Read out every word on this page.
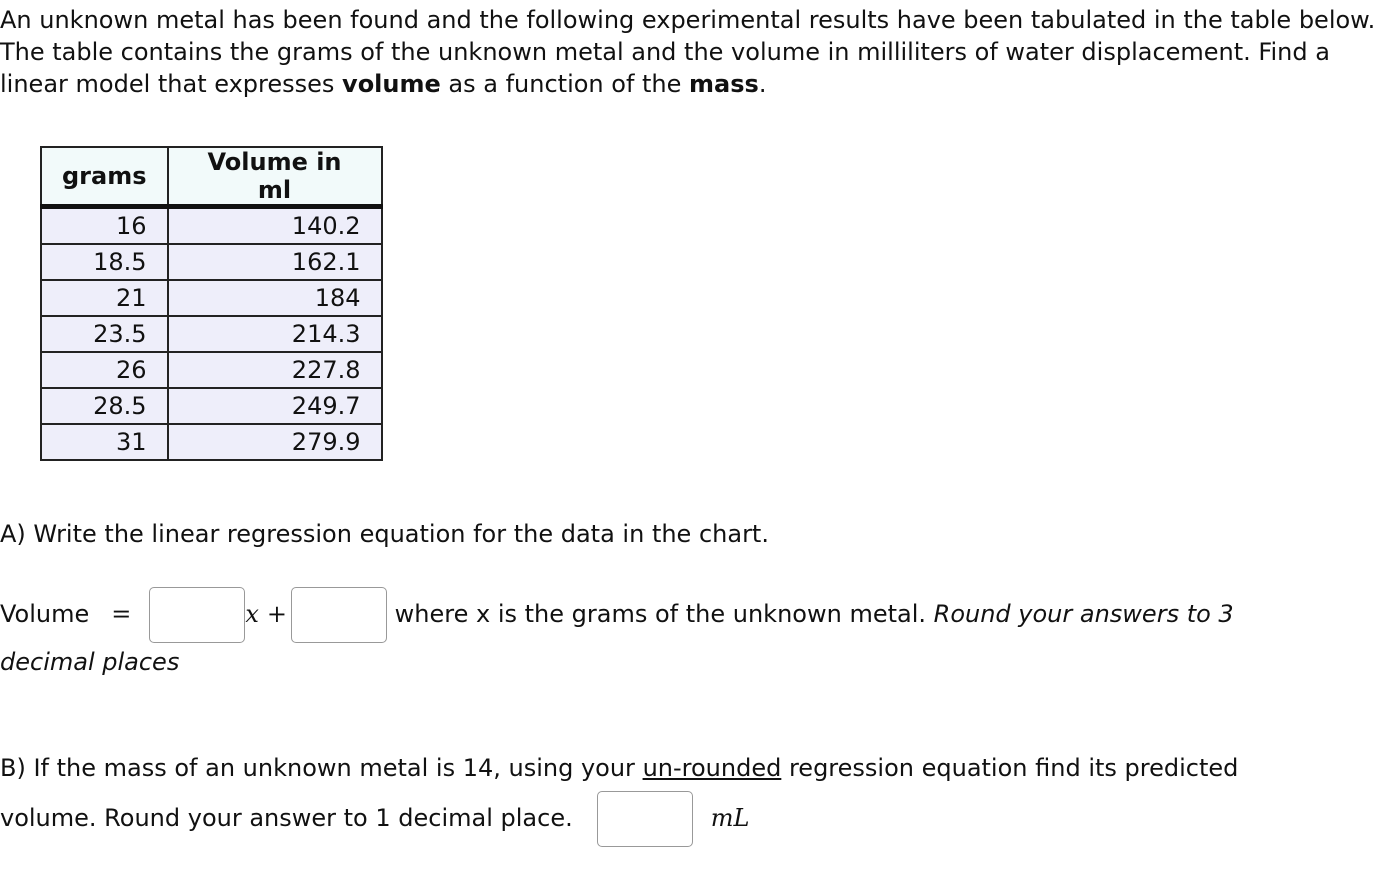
An unknown metal has been found and the following experimental results have been tabulated in the table below. The table contains the grams of the unknown metal and the volume in milliliters of water displacement. Find a linear model that expresses volume as a function of the mass.

grams	Volume in ml
16	140.2
18.5	162.1
21	184
23.5	214.3
26	227.8
28.5	249.7
31	279.9

A) Write the linear regression equation for the data in the chart.

Volume =	x +	where x is the grams of the unknown metal. Round your answers to 3

decimal places

B) If the mass of an unknown metal is 14, using your un-rounded regression equation find its predicted

volume. Round your answer to 1 decimal place.	mL
